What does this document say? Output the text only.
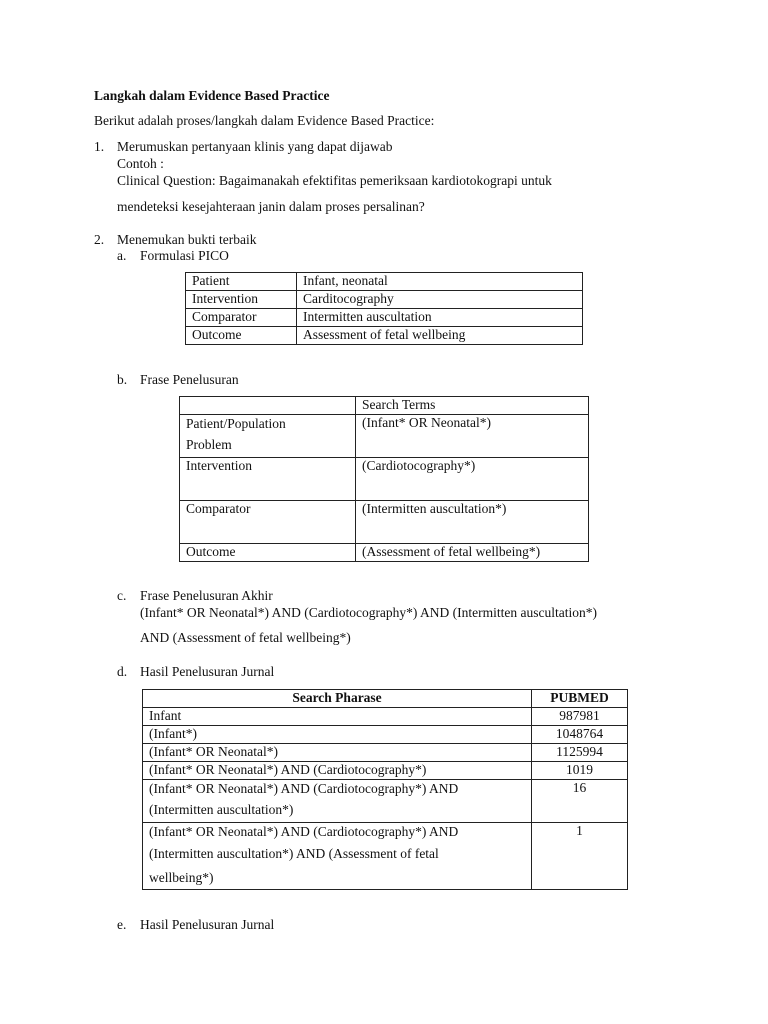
Langkah dalam Evidence Based Practice
Berikut adalah proses/langkah dalam Evidence Based Practice:
1. Merumuskan pertanyaan klinis yang dapat dijawab
Contoh :
Clinical Question: Bagaimanakah efektifitas pemeriksaan kardiotokograpi untuk
mendeteksi kesejahteraan janin dalam proses persalinan?
2. Menemukan bukti terbaik
a. Formulasi PICO
Patient	Infant, neonatal
Intervention	Carditocography
Comparator	Intermitten auscultation
Outcome	Assessment of fetal wellbeing
b. Frase Penelusuran
	Search Terms

Patient/Population
Problem	(Infant* OR Neonatal*)
Intervention	(Cardiotocography*)
Comparator	(Intermitten auscultation*)
Outcome	(Assessment of fetal wellbeing*)
c. Frase Penelusuran Akhir
(Infant* OR Neonatal*) AND (Cardiotocography*) AND (Intermitten auscultation*)
AND (Assessment of fetal wellbeing*)
d. Hasil Penelusuran Jurnal
Search Pharase	PUBMED
Infant	987981
(Infant*)	1048764
(Infant* OR Neonatal*)	1125994
(Infant* OR Neonatal*) AND (Cardiotocography*)	1019

(Infant* OR Neonatal*) AND (Cardiotocography*) AND
(Intermitten auscultation*)	16

(Infant* OR Neonatal*) AND (Cardiotocography*) AND
(Intermitten auscultation*) AND (Assessment of fetal
wellbeing*)	1
e. Hasil Penelusuran Jurnal
